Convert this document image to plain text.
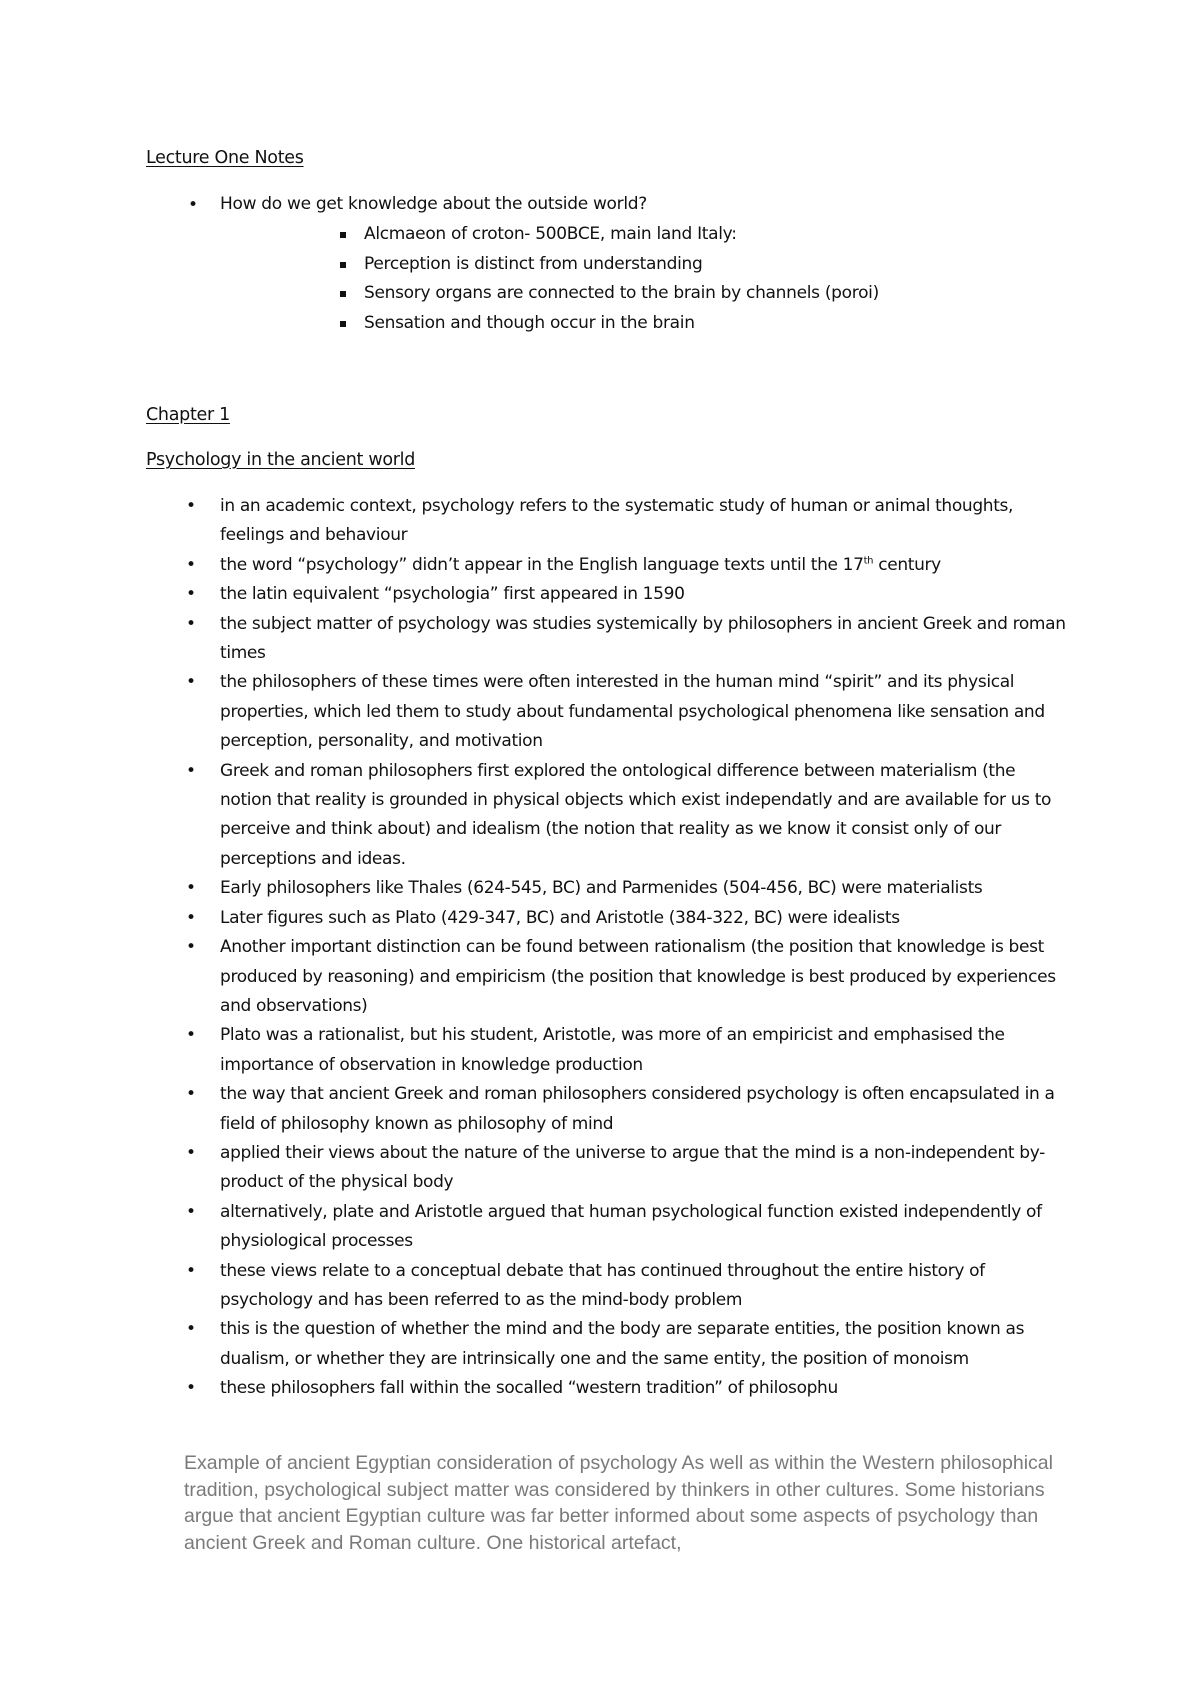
Lecture One Notes
• How do we get knowledge about the outside world?
Alcmaeon of croton- 500BCE, main land Italy:
Perception is distinct from understanding
Sensory organs are connected to the brain by channels (poroi)
Sensation and though occur in the brain
Chapter 1
Psychology in the ancient world
• in an academic context, psychology refers to the systematic study of human or animal thoughts, feelings and behaviour
• the word “psychology” didn’t appear in the English language texts until the 17th century
• the latin equivalent “psychologia” first appeared in 1590
• the subject matter of psychology was studies systemically by philosophers in ancient Greek and roman times
• the philosophers of these times were often interested in the human mind “spirit” and its physical properties, which led them to study about fundamental psychological phenomena like sensation and perception, personality, and motivation
• Greek and roman philosophers first explored the ontological difference between materialism (the notion that reality is grounded in physical objects which exist independatly and are available for us to perceive and think about) and idealism (the notion that reality as we know it consist only of our perceptions and ideas.
• Early philosophers like Thales (624-545, BC) and Parmenides (504-456, BC) were materialists
• Later figures such as Plato (429-347, BC) and Aristotle (384-322, BC) were idealists
• Another important distinction can be found between rationalism (the position that knowledge is best produced by reasoning) and empiricism (the position that knowledge is best produced by experiences and observations)
• Plato was a rationalist, but his student, Aristotle, was more of an empiricist and emphasised the importance of observation in knowledge production
• the way that ancient Greek and roman philosophers considered psychology is often encapsulated in a field of philosophy known as philosophy of mind
• applied their views about the nature of the universe to argue that the mind is a non-independent by-product of the physical body
• alternatively, plate and Aristotle argued that human psychological function existed independently of physiological processes
• these views relate to a conceptual debate that has continued throughout the entire history of psychology and has been referred to as the mind-body problem
• this is the question of whether the mind and the body are separate entities, the position known as dualism, or whether they are intrinsically one and the same entity, the position of monoism
• these philosophers fall within the socalled “western tradition” of philosophu
Example of ancient Egyptian consideration of psychology As well as within the Western philosophical tradition, psychological subject matter was considered by thinkers in other cultures. Some historians argue that ancient Egyptian culture was far better informed about some aspects of psychology than ancient Greek and Roman culture. One historical artefact,
